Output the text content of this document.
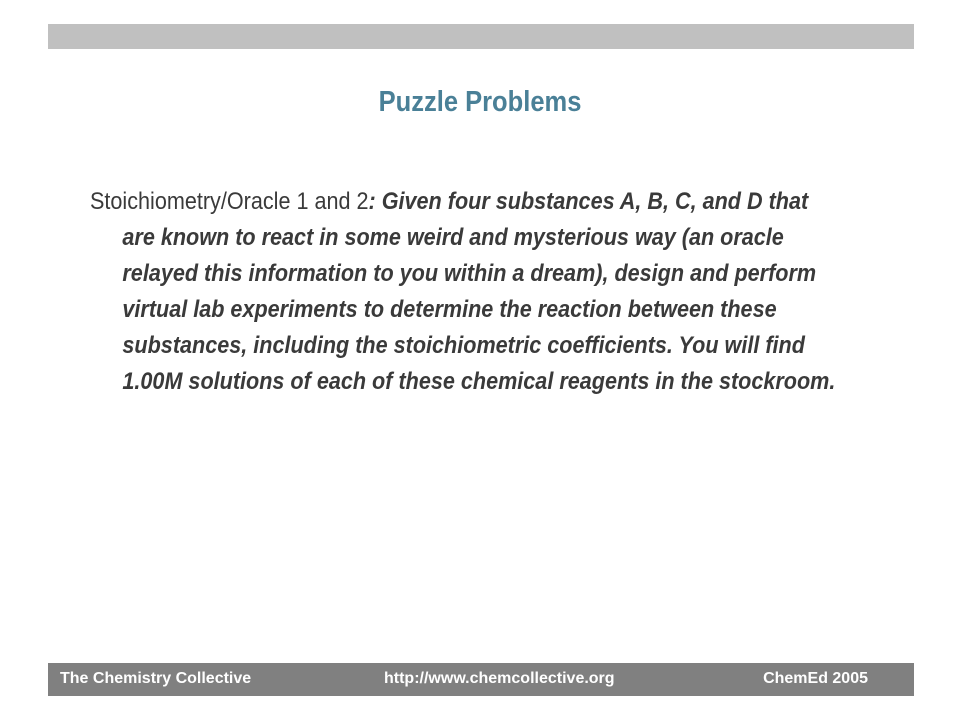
Puzzle Problems
Stoichiometry/Oracle 1 and 2: Given four substances A, B, C, and D that are known to react in some weird and mysterious way (an oracle relayed this information to you within a dream), design and perform virtual lab experiments to determine the reaction between these substances, including the stoichiometric coefficients. You will find 1.00M solutions of each of these chemical reagents in the stockroom.
The Chemistry Collective	http://www.chemcollective.org	ChemEd 2005
